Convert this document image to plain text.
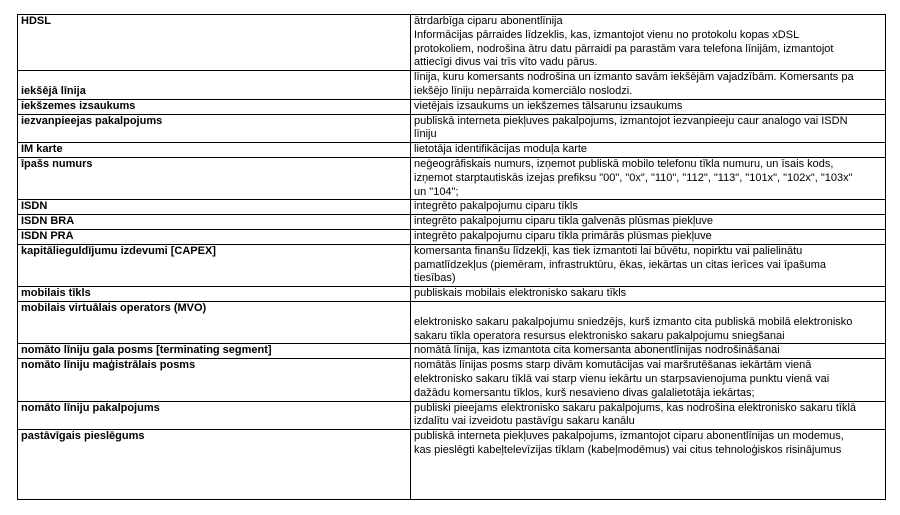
HDSL	ātrdarbīga ciparu abonentlīnija
Informācijas pārraides līdzeklis, kas, izmantojot vienu no protokolu kopas xDSL
protokoliem, nodrošina ātru datu pārraidi pa parastām vara telefona līnijām, izmantojot
attiecīgi divus vai trīs vīto vadu pārus.

iekšējā līnija	līnija, kuru komersants nodrošina un izmanto savām iekšējām vajadzībām. Komersants pa
iekšējo līniju nepārraida komerciālo noslodzi.

iekšzemes izsaukums	vietējais izsaukums un iekšzemes tālsarunu izsaukums

iezvanpieejas pakalpojums	publiskā interneta piekļuves pakalpojums, izmantojot iezvanpieeju caur analogo vai ISDN
līniju

IM karte	lietotāja identifikācijas moduļa karte

īpašs numurs	neģeogrāfiskais numurs, izņemot publiskā mobilo telefonu tīkla numuru, un īsais kods,
izņemot starptautiskās izejas prefiksu "00", "0x", "110", "112", "113", "101x", "102x", "103x"
un "104";

ISDN	integrēto pakalpojumu ciparu tīkls

ISDN BRA	integrēto pakalpojumu ciparu tīkla galvenās plūsmas piekļuve

ISDN PRA	integrēto pakalpojumu ciparu tīkla primārās plūsmas piekļuve

kapitālieguldījumu izdevumi [CAPEX]	komersanta finanšu līdzekļi, kas tiek izmantoti lai būvētu, nopirktu vai palielinātu
pamatlīdzekļus (piemēram, infrastruktūru, ēkas, iekārtas un citas ierīces vai īpašuma
tiesības)

mobilais tīkls	publiskais mobilais elektronisko sakaru tīkls

mobilais virtuālais operators (MVO)	elektronisko sakaru pakalpojumu sniedzējs, kurš izmanto cita publiskā mobilā elektronisko
sakaru tīkla operatora resursus elektronisko sakaru pakalpojumu sniegšanai

nomāto līniju gala posms [terminating segment]	nomātā līnija, kas izmantota cita komersanta abonentlīnijas nodrošināšanai

nomāto līniju maģistrālais posms	nomātās līnijas posms starp divām komutācijas vai maršrutēšanas iekārtām vienā
elektronisko sakaru tīklā vai starp vienu iekārtu un starpsavienojuma punktu vienā vai
dažādu komersantu tīklos, kurš nesavieno divas galalietotāja iekārtas;

nomāto līniju pakalpojums	publiski pieejams elektronisko sakaru pakalpojums, kas nodrošina elektronisko sakaru tīklā
izdalītu vai izveidotu pastāvīgu sakaru kanālu

pastāvīgais pieslēgums	publiskā interneta piekļuves pakalpojums, izmantojot ciparu abonentlīnijas un modemus,
kas pieslēgti kabeļtelevīzijas tīklam (kabeļmodēmus) vai citus tehnoloģiskos risinājumus
